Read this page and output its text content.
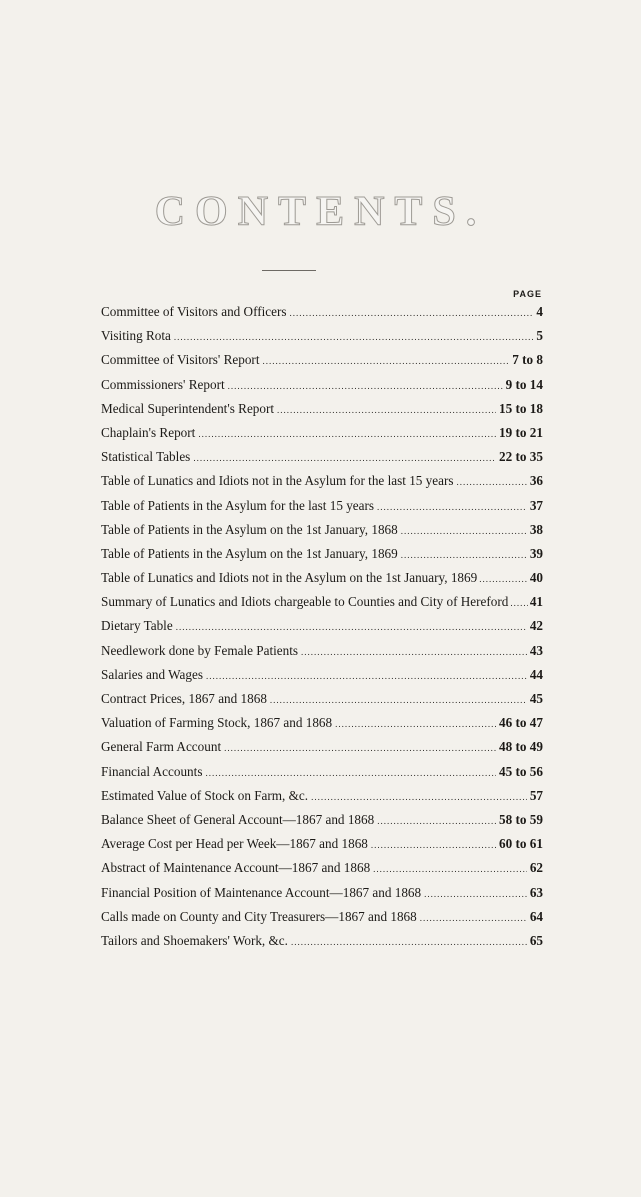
CONTENTS.
PAGE
Committee of Visitors and Officers .....	4
Visiting Rota .....	5
Committee of Visitors' Report .....	7 to 8
Commissioners' Report .....	9 to 14
Medical Superintendent's Report .....	15 to 18
Chaplain's Report .....	19 to 21
Statistical Tables .....	22 to 35
Table of Lunatics and Idiots not in the Asylum for the last 15 years .....	36
Table of Patients in the Asylum for the last 15 years .....	37
Table of Patients in the Asylum on the 1st January, 1868 .....	38
Table of Patients in the Asylum on the 1st January, 1869 .....	39
Table of Lunatics and Idiots not in the Asylum on the 1st January, 1869 .....	40
Summary of Lunatics and Idiots chargeable to Counties and City of Hereford ..... 41
Dietary Table .....	42
Needlework done by Female Patients .....	43
Salaries and Wages .....	44
Contract Prices, 1867 and 1868 .....	45
Valuation of Farming Stock, 1867 and 1868 .....	46 to 47
General Farm Account .....	48 to 49
Financial Accounts .....	45 to 56
Estimated Value of Stock on Farm, &c. .....	57
Balance Sheet of General Account—1867 and 1868 .....	58 to 59
Average Cost per Head per Week—1867 and 1868 .....	60 to 61
Abstract of Maintenance Account—1867 and 1868 .....	62
Financial Position of Maintenance Account—1867 and 1868 .....	63
Calls made on County and City Treasurers—1867 and 1868 .....	64
Tailors and Shoemakers' Work, &c. .....	65
